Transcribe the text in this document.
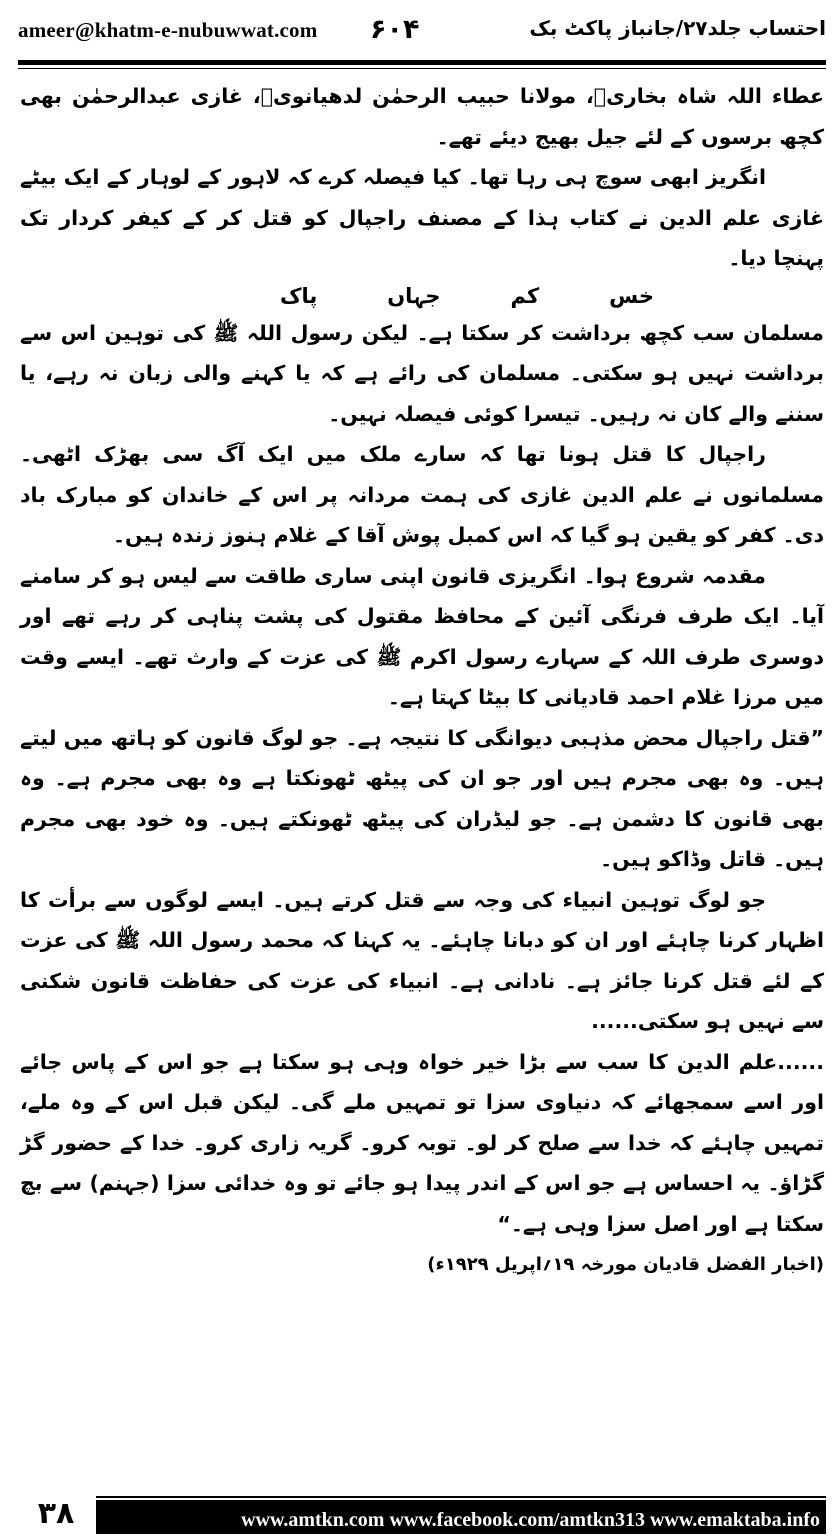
ameer@khatm-e-nubuwwat.com ۶۰۴	احتساب جلد۲۷/جانباز پاکٹ بک

عطاء اللہ شاہ بخاریؒ، مولانا حبیب الرحمٰن لدھیانویؒ، غازی عبدالرحمٰن بھی کچھ برسوں کے لئے جیل بھیج دیئے تھے۔

انگریز ابھی سوچ ہی رہا تھا۔ کیا فیصلہ کرے کہ لاہور کے لوہار کے ایک بیٹے غازی علم الدین نے کتاب ہذا کے مصنف راجپال کو قتل کر کے کیفر کردار تک پہنچا دیا۔

خس
کم
جہاں
پاک

مسلمان سب کچھ برداشت کر سکتا ہے۔ لیکن رسول اللہ ﷺ کی توہین اس سے برداشت نہیں ہو سکتی۔ مسلمان کی رائے ہے کہ یا کہنے والی زبان نہ رہے، یا سننے والے کان نہ رہیں۔ تیسرا کوئی فیصلہ نہیں۔

راجپال کا قتل ہونا تھا کہ سارے ملک میں ایک آگ سی بھڑک اٹھی۔ مسلمانوں نے علم الدین غازی کی ہمت مردانہ پر اس کے خاندان کو مبارک باد دی۔ کفر کو یقین ہو گیا کہ اس کمبل پوش آقا کے غلام ہنوز زندہ ہیں۔

مقدمہ شروع ہوا۔ انگریزی قانون اپنی ساری طاقت سے لیس ہو کر سامنے آیا۔ ایک طرف فرنگی آئین کے محافظ مقتول کی پشت پناہی کر رہے تھے اور دوسری طرف اللہ کے سہارے رسول اکرم ﷺ کی عزت کے وارث تھے۔ ایسے وقت میں مرزا غلام احمد قادیانی کا بیٹا کہتا ہے۔

”قتل راجپال محض مذہبی دیوانگی کا نتیجہ ہے۔ جو لوگ قانون کو ہاتھ میں لیتے ہیں۔ وہ بھی مجرم ہیں اور جو ان کی پیٹھ ٹھونکتا ہے وہ بھی مجرم ہے۔ وہ بھی قانون کا دشمن ہے۔ جو لیڈران کی پیٹھ ٹھونکتے ہیں۔ وہ خود بھی مجرم ہیں۔ قاتل وڈاکو ہیں۔

جو لوگ توہین انبیاء کی وجہ سے قتل کرتے ہیں۔ ایسے لوگوں سے برأت کا اظہار کرنا چاہئے اور ان کو دبانا چاہئے۔ یہ کہنا کہ محمد رسول اللہ ﷺ کی عزت کے لئے قتل کرنا جائز ہے۔ نادانی ہے۔ انبیاء کی عزت کی حفاظت قانون شکنی سے نہیں ہو سکتی......

......علم الدین کا سب سے بڑا خیر خواہ وہی ہو سکتا ہے جو اس کے پاس جائے اور اسے سمجھائے کہ دنیاوی سزا تو تمہیں ملے گی۔ لیکن قبل اس کے وہ ملے، تمہیں چاہئے کہ خدا سے صلح کر لو۔ توبہ کرو۔ گریہ زاری کرو۔ خدا کے حضور گڑ گڑاؤ۔ یہ احساس ہے جو اس کے اندر پیدا ہو جائے تو وہ خدائی سزا (جہنم) سے بچ سکتا ہے اور اصل سزا وہی ہے۔“

(اخبار الفضل قادیان مورخہ ۱۹؍اپریل ۱۹۲۹ء)

۳۸	www.amtkn.com www.facebook.com/amtkn313 www.emaktaba.info
